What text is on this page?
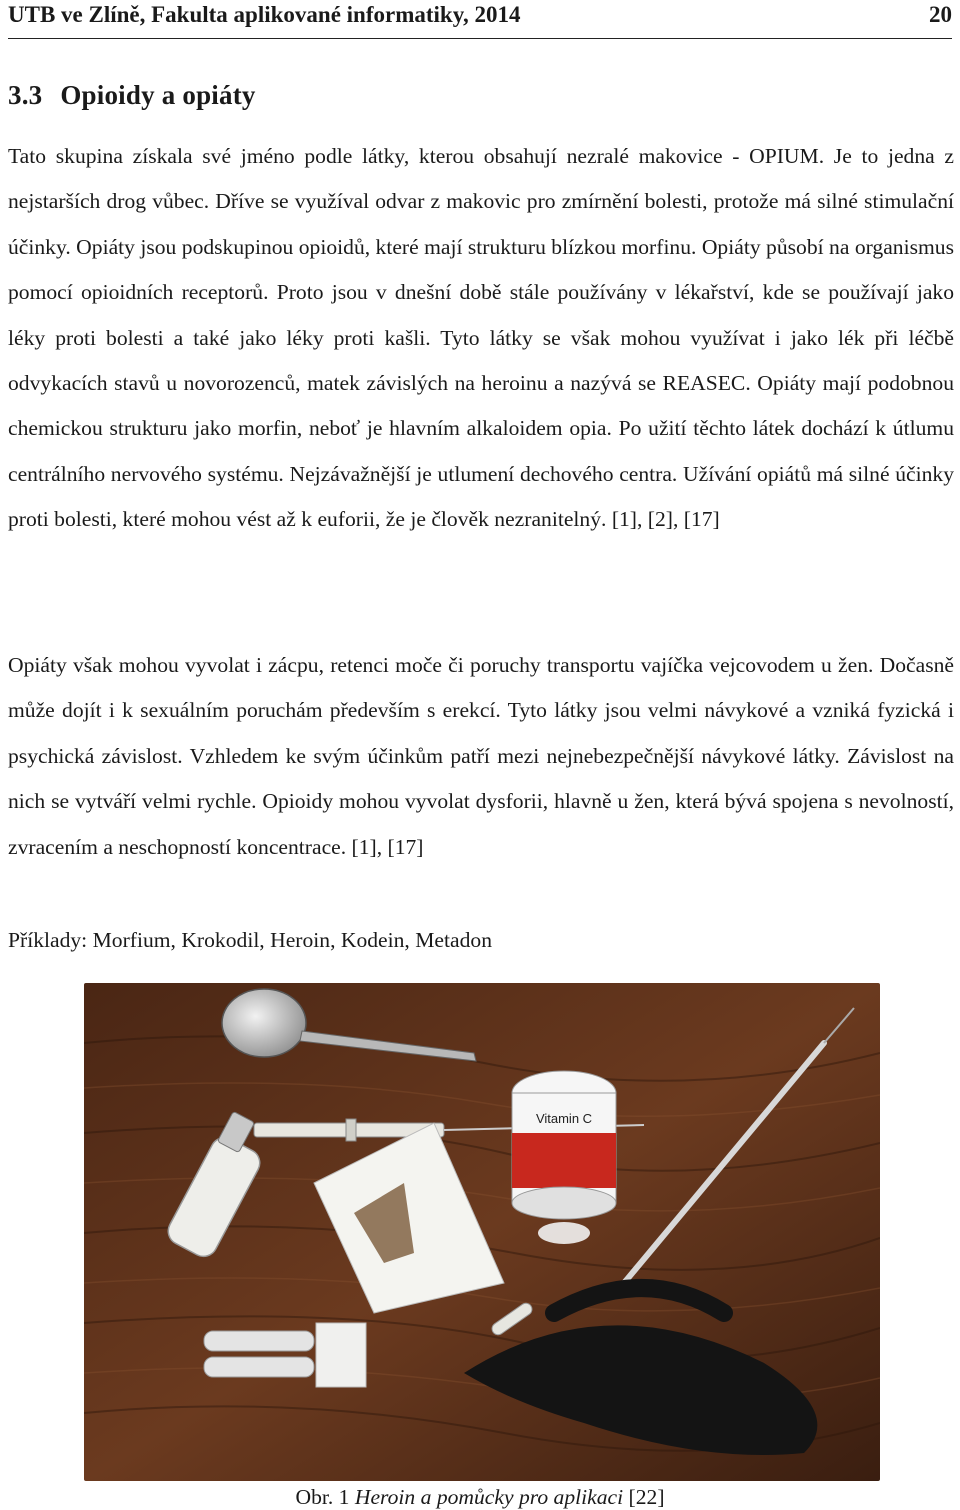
UTB ve Zlíně, Fakulta aplikované informatiky, 2014	20
3.3 Opioidy a opiáty

Tato skupina získala své jméno podle látky, kterou obsahují nezralé makovice - OPIUM. Je to jedna z nejstarších drog vůbec. Dříve se využíval odvar z makovic pro zmírnění bolesti, protože má silné stimulační účinky. Opiáty jsou podskupinou opioidů, které mají strukturu blízkou morfinu. Opiáty působí na organismus pomocí opioidních receptorů. Proto jsou v dnešní době stále používány v lékařství, kde se používají jako léky proti bolesti a také jako léky proti kašli. Tyto látky se však mohou využívat i jako lék při léčbě odvykacích stavů u novorozenců, matek závislých na heroinu a nazývá se REASEC. Opiáty mají podobnou chemickou strukturu jako morfin, neboť je hlavním alkaloidem opia. Po užití těchto látek dochází k útlumu centrálního nervového systému. Nejzávažnější je utlumení dechového centra. Užívání opiátů má silné účinky proti bolesti, které mohou vést až k euforii, že je člověk nezranitelný. [1], [2], [17]

Opiáty však mohou vyvolat i zácpu, retenci moče či poruchy transportu vajíčka vejcovodem u žen. Dočasně může dojít i k sexuálním poruchám především s erekcí. Tyto látky jsou velmi návykové a vzniká fyzická i psychická závislost. Vzhledem ke svým účinkům patří mezi nejnebezpečnější návykové látky. Závislost na nich se vytváří velmi rychle. Opioidy mohou vyvolat dysforii, hlavně u žen, která bývá spojena s nevolností, zvracením a neschopností koncentrace. [1], [17]

Příklady: Morfium, Krokodil, Heroin, Kodein, Metadon

Vitamin C
Obr. 1 Heroin a pomůcky pro aplikaci [22]
